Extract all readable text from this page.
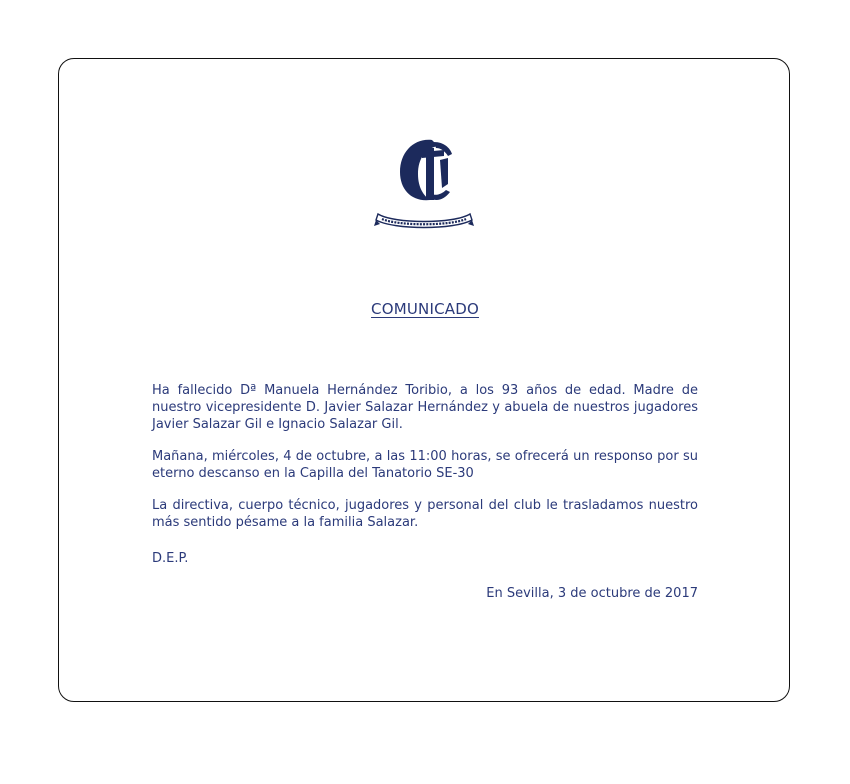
COMUNICADO

Ha fallecido Dª Manuela Hernández Toribio, a los 93 años de edad. Madre de nuestro vicepresidente D. Javier Salazar Hernández y abuela de nuestros jugadores Javier Salazar Gil e Ignacio Salazar Gil.

Mañana, miércoles, 4 de octubre, a las 11:00 horas, se ofrecerá un responso por su eterno descanso en la Capilla del Tanatorio SE-30

La directiva, cuerpo técnico, jugadores y personal del club le trasladamos nuestro más sentido pésame a la familia Salazar.

D.E.P.

En Sevilla, 3 de octubre de 2017
